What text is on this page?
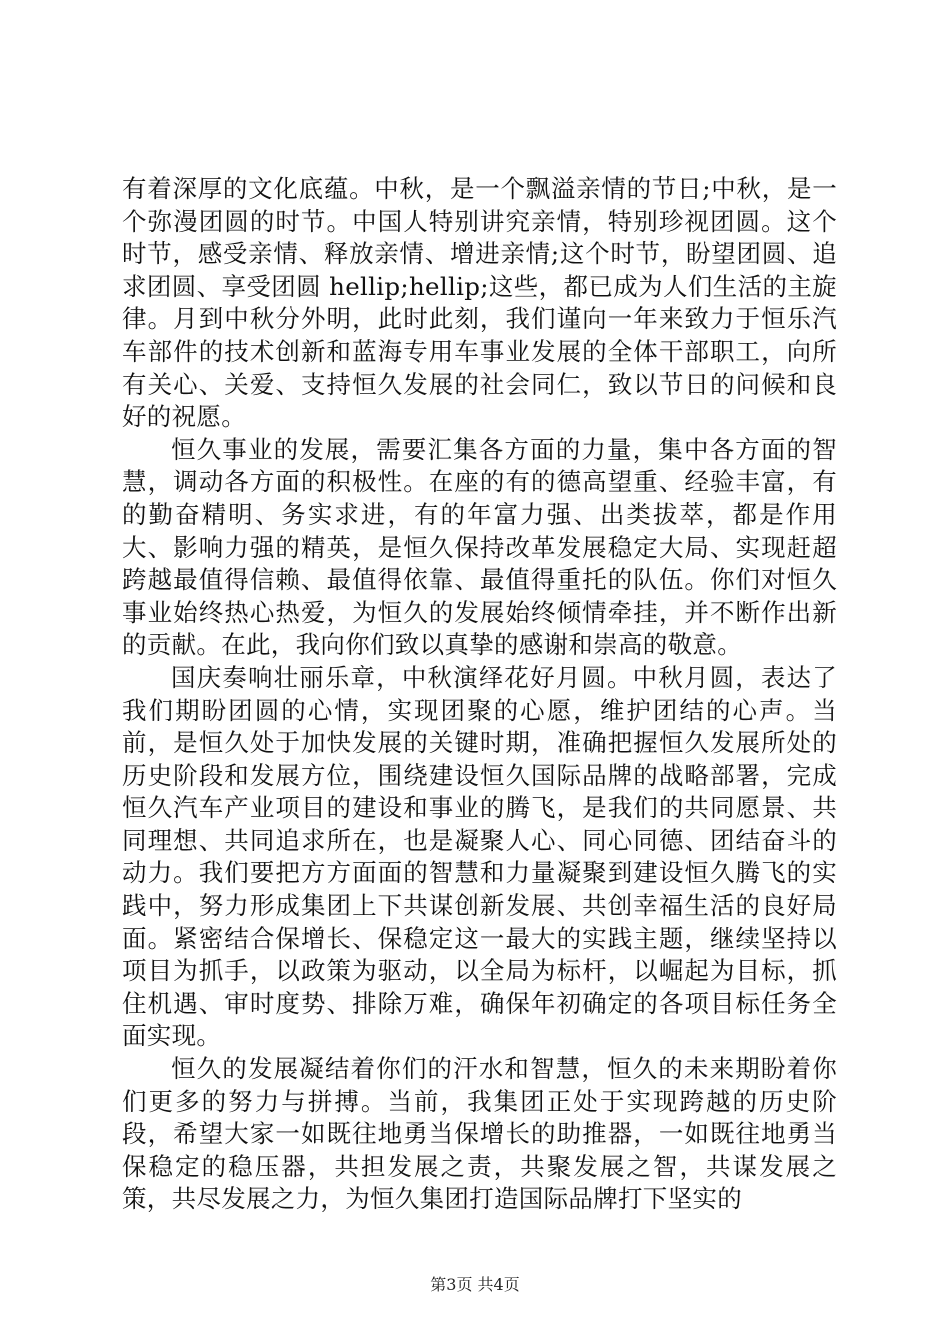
有着深厚的文化底蕴。中秋，是一个飘溢亲情的节日;中秋，是一个弥漫团圆的时节。中国人特别讲究亲情，特别珍视团圆。这个时节，感受亲情、释放亲情、增进亲情;这个时节，盼望团圆、追求团圆、享受团圆 hellip;hellip;这些，都已成为人们生活的主旋律。月到中秋分外明，此时此刻，我们谨向一年来致力于恒乐汽车部件的技术创新和蓝海专用车事业发展的全体干部职工，向所有关心、关爱、支持恒久发展的社会同仁，致以节日的问候和良好的祝愿。

恒久事业的发展，需要汇集各方面的力量，集中各方面的智慧，调动各方面的积极性。在座的有的德高望重、经验丰富，有的勤奋精明、务实求进，有的年富力强、出类拔萃，都是作用大、影响力强的精英，是恒久保持改革发展稳定大局、实现赶超跨越最值得信赖、最值得依靠、最值得重托的队伍。你们对恒久事业始终热心热爱，为恒久的发展始终倾情牵挂，并不断作出新的贡献。在此，我向你们致以真挚的感谢和崇高的敬意。

国庆奏响壮丽乐章，中秋演绎花好月圆。中秋月圆，表达了我们期盼团圆的心情，实现团聚的心愿，维护团结的心声。当前，是恒久处于加快发展的关键时期，准确把握恒久发展所处的历史阶段和发展方位，围绕建设恒久国际品牌的战略部署，完成恒久汽车产业项目的建设和事业的腾飞，是我们的共同愿景、共同理想、共同追求所在，也是凝聚人心、同心同德、团结奋斗的动力。我们要把方方面面的智慧和力量凝聚到建设恒久腾飞的实践中，努力形成集团上下共谋创新发展、共创幸福生活的良好局面。紧密结合保增长、保稳定这一最大的实践主题，继续坚持以项目为抓手，以政策为驱动，以全局为标杆，以崛起为目标，抓住机遇、审时度势、排除万难，确保年初确定的各项目标任务全面实现。

恒久的发展凝结着你们的汗水和智慧，恒久的未来期盼着你们更多的努力与拼搏。当前，我集团正处于实现跨越的历史阶段，希望大家一如既往地勇当保增长的助推器，一如既往地勇当保稳定的稳压器，共担发展之责，共聚发展之智，共谋发展之策，共尽发展之力，为恒久集团打造国际品牌打下坚实的

第3页 共4页
